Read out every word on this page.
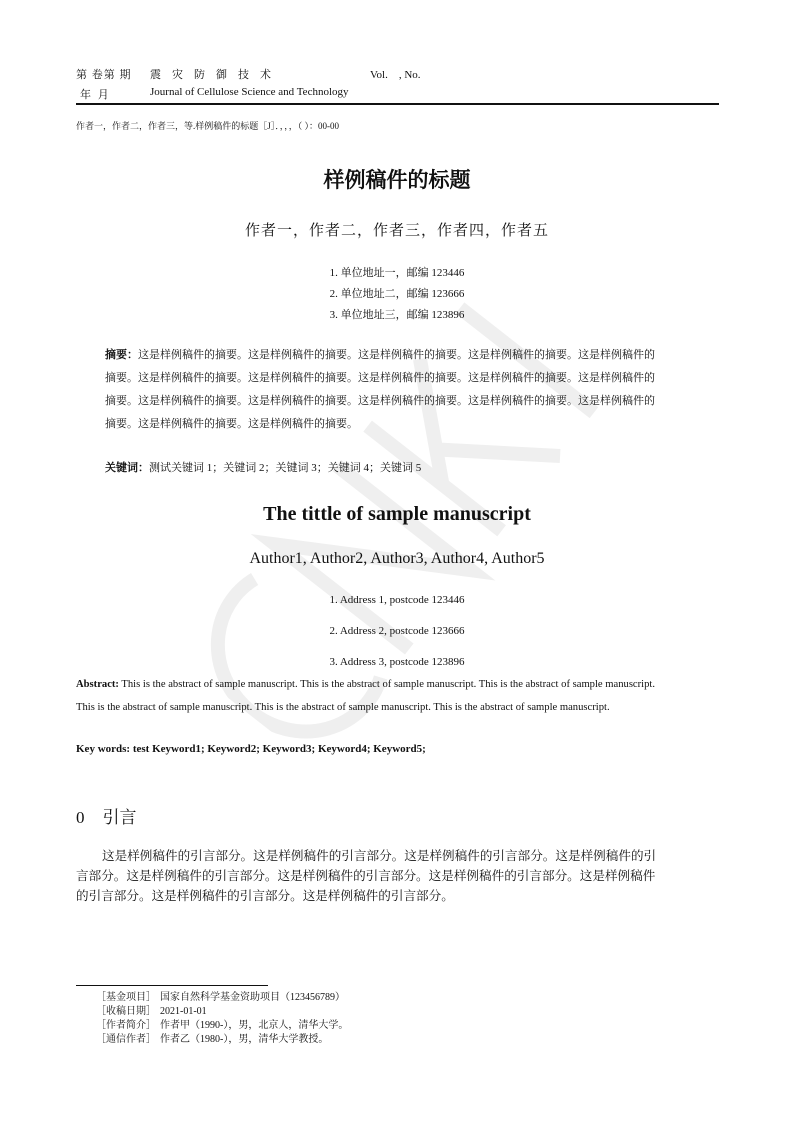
第 卷第 期 震　灾　防　御　技　术	Vol.　, No.
年 月	Journal of Cellulose Science and Technology
作者一，作者二，作者三，等.样例稿件的标题［J］．，，，（ ）：00-00
样例稿件的标题
作者一，作者二，作者三，作者四，作者五
1. 单位地址一，邮编 123446
2. 单位地址二，邮编 123666
3. 单位地址三，邮编 123896
摘要：这是样例稿件的摘要。这是样例稿件的摘要。这是样例稿件的摘要。这是样例稿件的摘要。这是样例稿件的
摘要。这是样例稿件的摘要。这是样例稿件的摘要。这是样例稿件的摘要。这是样例稿件的摘要。这是样例稿件的
摘要。这是样例稿件的摘要。这是样例稿件的摘要。这是样例稿件的摘要。这是样例稿件的摘要。这是样例稿件的
摘要。这是样例稿件的摘要。这是样例稿件的摘要。
关键词：测试关键词 1；关键词 2；关键词 3；关键词 4；关键词 5
The tittle of sample manuscript
Author1, Author2, Author3, Author4, Author5
1. Address 1, postcode 123446
2. Address 2, postcode 123666
3. Address 3, postcode 123896
Abstract: This is the abstract of sample manuscript. This is the abstract of sample manuscript. This is the abstract of sample manuscript.
This is the abstract of sample manuscript. This is the abstract of sample manuscript. This is the abstract of sample manuscript.
Key words: test Keyword1; Keyword2; Keyword3; Keyword4; Keyword5;
0 引言
这是样例稿件的引言部分。这是样例稿件的引言部分。这是样例稿件的引言部分。这是样例稿件的引
言部分。这是样例稿件的引言部分。这是样例稿件的引言部分。这是样例稿件的引言部分。这是样例稿件
的引言部分。这是样例稿件的引言部分。这是样例稿件的引言部分。
［基金项目］ 国家自然科学基金资助项目（123456789）
［收稿日期］ 2021-01-01
［作者简介］ 作者甲（1990-），男，北京人，清华大学。
［通信作者］ 作者乙（1980-），男，清华大学教授。
